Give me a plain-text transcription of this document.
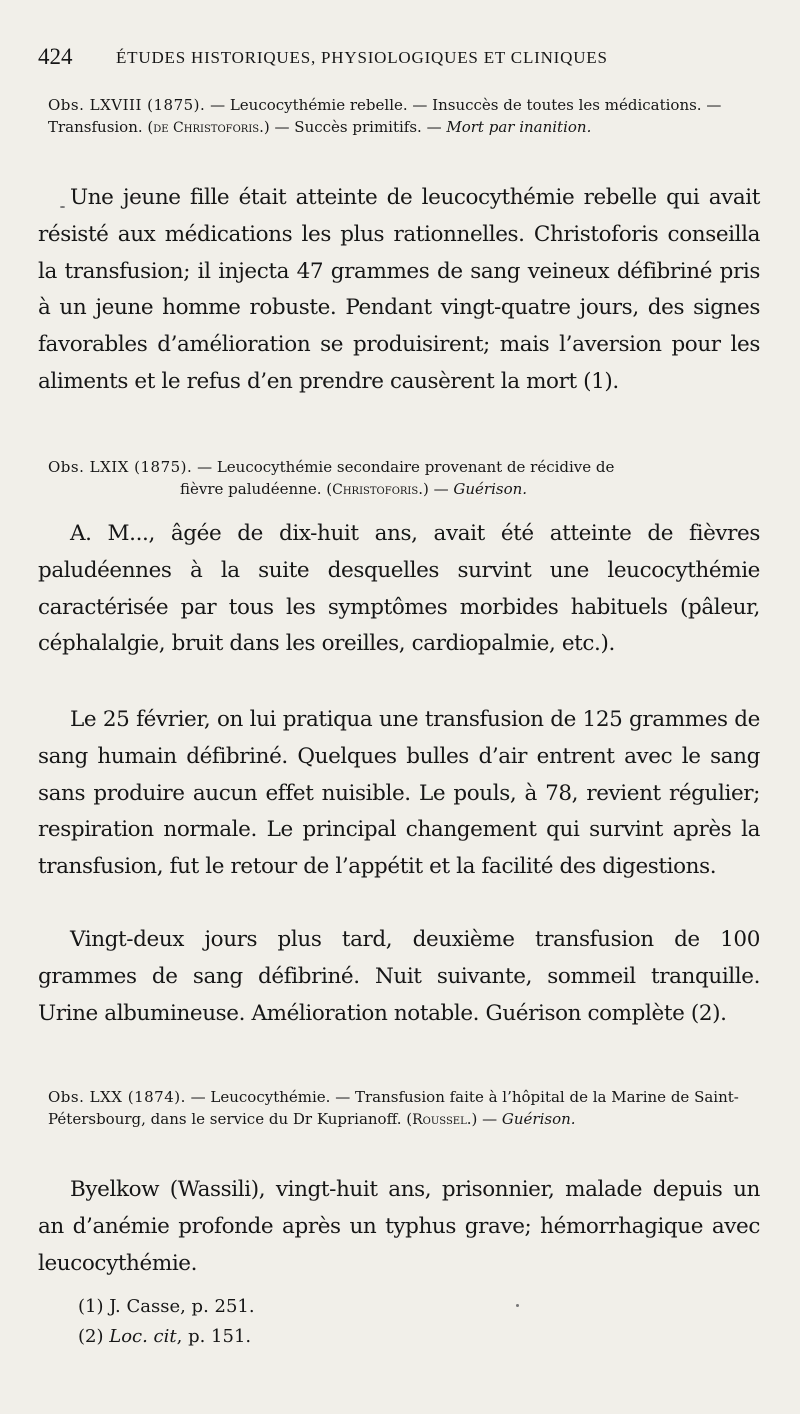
424	ÉTUDES HISTORIQUES, PHYSIOLOGIQUES ET CLINIQUES
Obs. LXVIII (1875). — Leucocythémie rebelle. — Insuccès de toutes les médications. — Transfusion. (de Christoforis.) — Succès primitifs. — Mort par inanition.

Une jeune fille était atteinte de leucocythémie rebelle qui avait résisté aux médications les plus rationnelles. Christoforis conseilla la transfusion; il injecta 47 grammes de sang veineux défibriné pris à un jeune homme robuste. Pendant vingt-quatre jours, des signes favorables d’amélioration se produisirent; mais l’aversion pour les aliments et le refus d’en prendre causèrent la mort (1).

Obs. LXIX (1875). — Leucocythémie secondaire provenant de récidive de
fièvre paludéenne. (Christoforis.) — Guérison.

A. M..., âgée de dix-huit ans, avait été atteinte de fièvres paludéennes à la suite desquelles survint une leucocythémie caractérisée par tous les symptômes morbides habituels (pâleur, céphalalgie, bruit dans les oreilles, cardiopalmie, etc.).

Le 25 février, on lui pratiqua une transfusion de 125 grammes de sang humain défibriné. Quelques bulles d’air entrent avec le sang sans produire aucun effet nuisible. Le pouls, à 78, revient régulier; respiration normale. Le principal changement qui survint après la transfusion, fut le retour de l’appétit et la facilité des digestions.

Vingt-deux jours plus tard, deuxième transfusion de 100 grammes de sang défibriné. Nuit suivante, sommeil tranquille. Urine albumineuse. Amélioration notable. Guérison complète (2).

Obs. LXX (1874). — Leucocythémie. — Transfusion faite à l’hôpital de la Marine de Saint-Pétersbourg, dans le service du Dr Kuprianoff. (Roussel.) — Guérison.

Byelkow (Wassili), vingt-huit ans, prisonnier, malade depuis un an d’anémie profonde après un typhus grave; hémorrhagique avec leucocythémie.

(1) J. Casse, p. 251.
(2) Loc. cit, p. 151.
